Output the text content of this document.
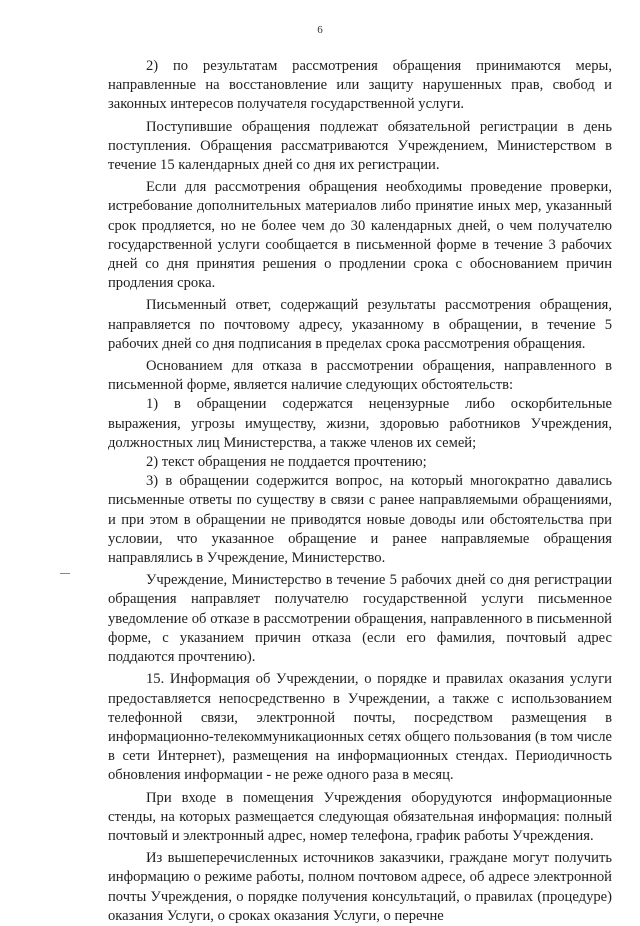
6

2) по результатам рассмотрения обращения принимаются меры, направленные на восстановление или защиту нарушенных прав, свобод и законных интересов получателя государственной услуги.

Поступившие обращения подлежат обязательной регистрации в день поступления. Обращения рассматриваются Учреждением, Министерством в течение 15 календарных дней со дня их регистрации.

Если для рассмотрения обращения необходимы проведение проверки, истребование дополнительных материалов либо принятие иных мер, указанный срок продляется, но не более чем до 30 календарных дней, о чем получателю государственной услуги сообщается в письменной форме в течение 3 рабочих дней со дня принятия решения о продлении срока с обоснованием причин продления срока.

Письменный ответ, содержащий результаты рассмотрения обращения, направляется по почтовому адресу, указанному в обращении, в течение 5 рабочих дней со дня подписания в пределах срока рассмотрения обращения.

Основанием для отказа в рассмотрении обращения, направленного в письменной форме, является наличие следующих обстоятельств:

1) в обращении содержатся нецензурные либо оскорбительные выражения, угрозы имуществу, жизни, здоровью работников Учреждения, должностных лиц Министерства, а также членов их семей;

2) текст обращения не поддается прочтению;

3) в обращении содержится вопрос, на который многократно давались письменные ответы по существу в связи с ранее направляемыми обращениями, и при этом в обращении не приводятся новые доводы или обстоятельства при условии, что указанное обращение и ранее направляемые обращения направлялись в Учреждение, Министерство.

Учреждение, Министерство в течение 5 рабочих дней со дня регистрации обращения направляет получателю государственной услуги письменное уведомление об отказе в рассмотрении обращения, направленного в письменной форме, с указанием причин отказа (если его фамилия, почтовый адрес поддаются прочтению).

15. Информация об Учреждении, о порядке и правилах оказания услуги предоставляется непосредственно в Учреждении, а также с использованием телефонной связи, электронной почты, посредством размещения в информационно-телекоммуникационных сетях общего пользования (в том числе в сети Интернет), размещения на информационных стендах. Периодичность обновления информации - не реже одного раза в месяц.

При входе в помещения Учреждения оборудуются информационные стенды, на которых размещается следующая обязательная информация: полный почтовый и электронный адрес, номер телефона, график работы Учреждения.

Из вышеперечисленных источников заказчики, граждане могут получить информацию о режиме работы, полном почтовом адресе, об адресе электронной почты Учреждения, о порядке получения консультаций, о правилах (процедуре) оказания Услуги, о сроках оказания Услуги, о перечне
